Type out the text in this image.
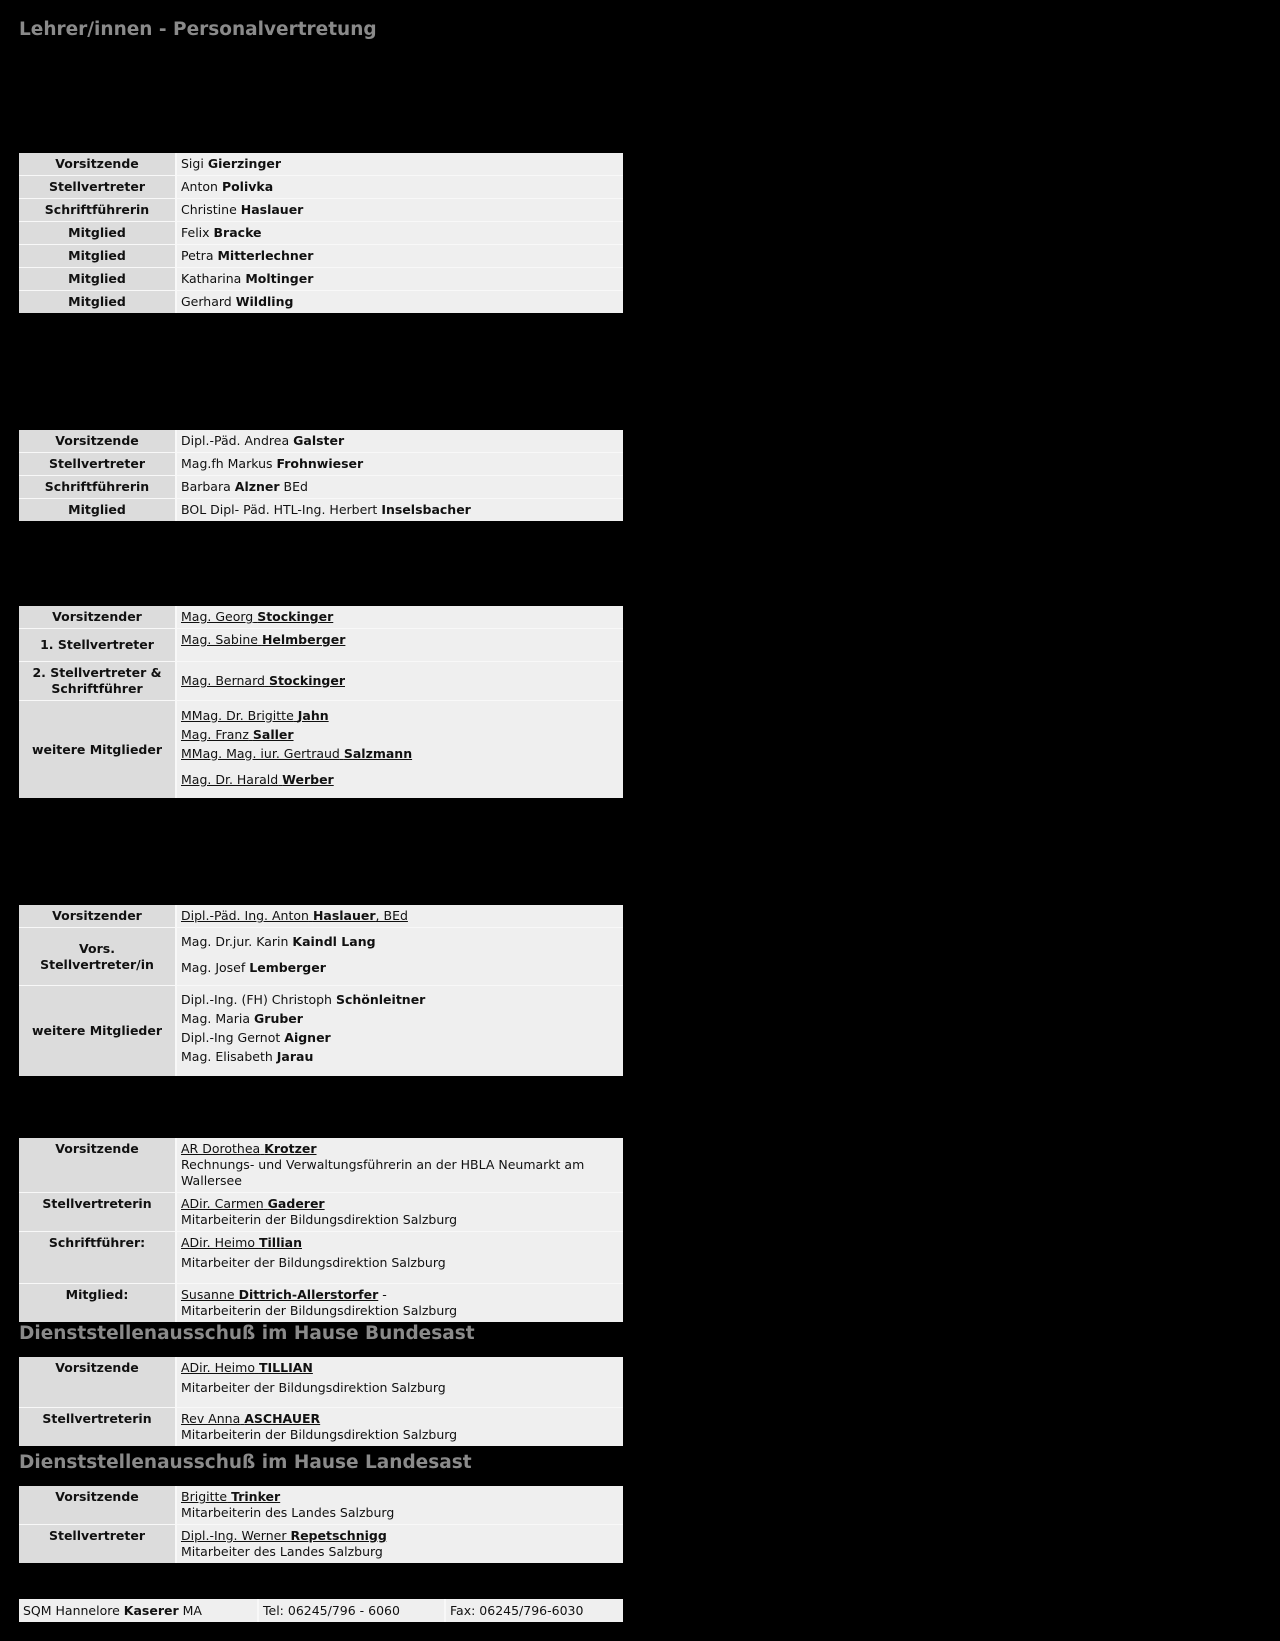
Lehrer/innen - Personalvertretung
Vorsitzende	Sigi Gierzinger
Stellvertreter	Anton Polivka
Schriftführerin	Christine Haslauer
Mitglied	Felix Bracke
Mitglied	Petra Mitterlechner
Mitglied	Katharina Moltinger
Mitglied	Gerhard Wildling
Vorsitzende	Dipl.-Päd. Andrea Galster
Stellvertreter	Mag.fh Markus Frohnwieser
Schriftführerin	Barbara Alzner BEd
Mitglied	BOL Dipl- Päd. HTL-Ing. Herbert Inselsbacher
Vorsitzender	Mag. Georg Stockinger
1. Stellvertreter	Mag. Sabine Helmberger
2. Stellvertreter & Schriftführer	Mag. Bernard Stockinger
weitere Mitglieder	MMag. Dr. Brigitte Jahn
Mag. Franz Saller
MMag. Mag. iur. Gertraud Salzmann
Mag. Dr. Harald Werber
Vorsitzender	Dipl.-Päd. Ing. Anton Haslauer, BEd
Vors. Stellvertreter/in	Mag. Dr.jur. Karin Kaindl Lang
Mag. Josef Lemberger

weitere Mitglieder	Dipl.-Ing. (FH) Christoph Schönleitner
Mag. Maria Gruber
Dipl.-Ing Gernot Aigner
Mag. Elisabeth Jarau
Vorsitzende	AR Dorothea Krotzer
Rechnungs- und Verwaltungsführerin an der HBLA Neumarkt am Wallersee
Stellvertreterin	ADir. Carmen Gaderer
Mitarbeiterin der Bildungsdirektion Salzburg
Schriftführer:	ADir. Heimo Tillian
Mitarbeiter der Bildungsdirektion Salzburg

Mitglied:	Susanne Dittrich-Allerstorfer -
Mitarbeiterin der Bildungsdirektion Salzburg
Dienststellenausschuß im Hause Bundesast
Vorsitzende	ADir. Heimo TILLIAN
Mitarbeiter der Bildungsdirektion Salzburg

Stellvertreterin	Rev Anna ASCHAUER
Mitarbeiterin der Bildungsdirektion Salzburg
Dienststellenausschuß im Hause Landesast
Vorsitzende	Brigitte Trinker
Mitarbeiterin des Landes Salzburg
Stellvertreter	Dipl.-Ing. Werner Repetschnigg
Mitarbeiter des Landes Salzburg
SQM Hannelore Kaserer MA	Tel: 06245/796 - 6060	Fax: 06245/796-6030
